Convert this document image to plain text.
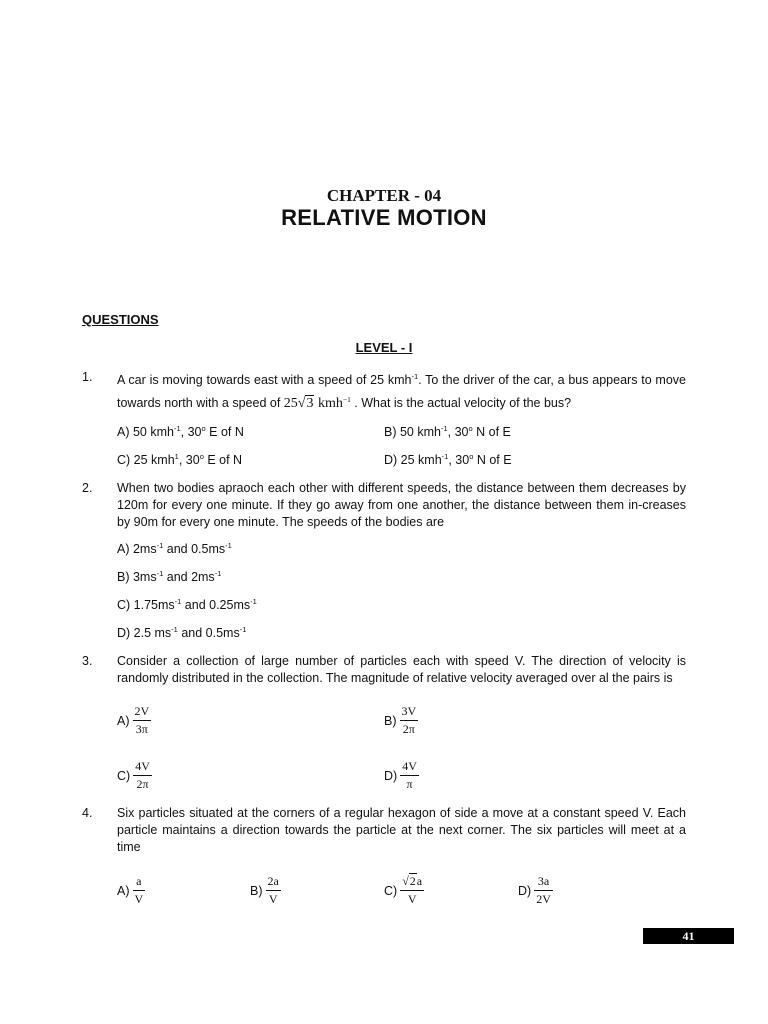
CHAPTER - 04
RELATIVE MOTION
QUESTIONS
LEVEL - I
1. A car is moving towards east with a speed of 25 kmh$^{-1}$. To the driver of the car, a bus appears to move towards north with a speed of 25√3 kmh$^{-1}$ . What is the actual velocity of the bus?
A) 50 kmh$^{-1}$, 30$^o$ E of N	B) 50 kmh$^{-1}$, 30$^o$ N of E
C) 25 kmh$^1$, 30$^o$ E of N	D) 25 kmh$^{-1}$, 30$^o$ N of E
2. When two bodies apraoch each other with different speeds, the distance between them decreases by 120m for every one minute. If they go away from one another, the distance between them in-creases by 90m for every one minute. The speeds of the bodies are
A) $2ms^{-1}$ and $0.5ms^{-1}$
B) $3ms^{-1}$ and $2ms^{-1}$
C) $1.75ms^{-1}$ and $0.25ms^{-1}$
D) 2.5 $ms^{-1}$ and $0.5ms^{-1}$
3. Consider a collection of large number of particles each with speed V. The direction of velocity is randomly distributed in the collection. The magnitude of relative velocity averaged over al the pairs is
$A) \frac{2V}{3\pi}$	$B) \frac{3V}{2\pi}$
$C) \frac{4V}{2\pi}$	$D) \frac{4V}{\pi}$
4. Six particles situated at the corners of a regular hexagon of side a move at a constant speed V. Each particle maintains a direction towards the particle at the next corner. The six particles will meet at a time
$A) \frac{a}{V}$	$B) \frac{2a}{V}$	$C) \frac{√2a}{V}$	$D) \frac{3a}{2V}$
41
